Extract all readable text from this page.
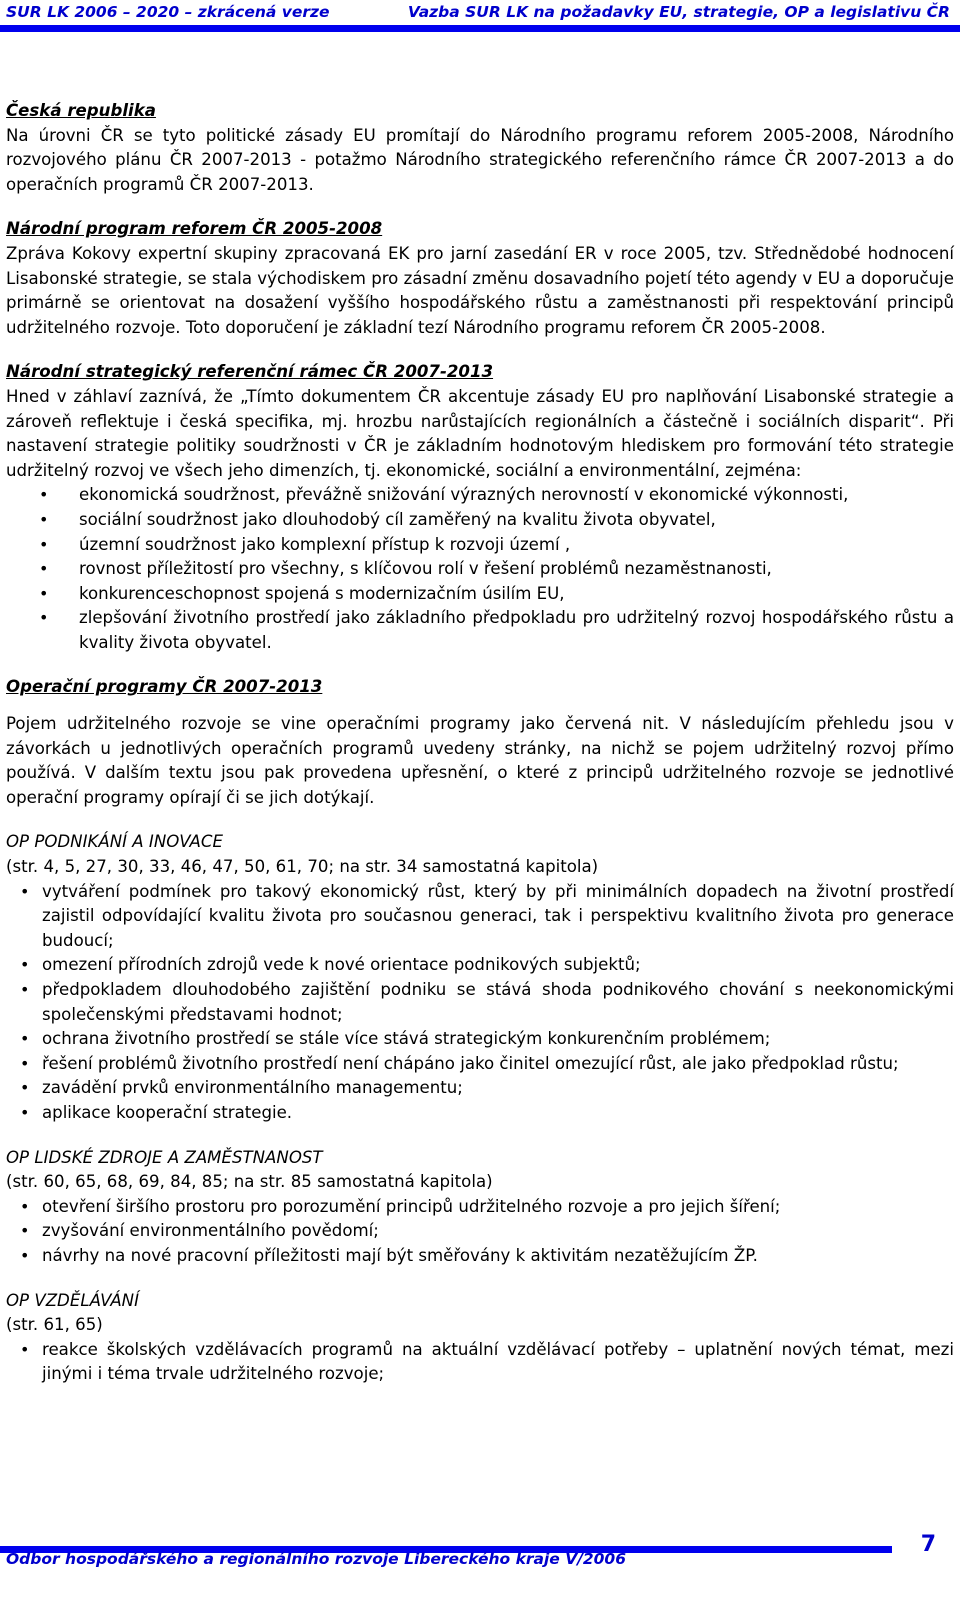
SUR LK 2006 – 2020 – zkrácená verze	Vazba SUR LK na požadavky EU, strategie, OP a legislativu ČR
Česká republika

Na úrovni ČR se tyto politické zásady EU promítají do Národního programu reforem 2005-2008, Národního rozvojového plánu ČR 2007-2013 - potažmo Národního strategického referenčního rámce ČR 2007-2013 a do operačních programů ČR 2007-2013.

Národní program reforem ČR 2005-2008

Zpráva Kokovy expertní skupiny zpracovaná EK pro jarní zasedání ER v roce 2005, tzv. Střednědobé hodnocení Lisabonské strategie, se stala východiskem pro zásadní změnu dosavadního pojetí této agendy v EU a doporučuje primárně se orientovat na dosažení vyššího hospodářského růstu a zaměstnanosti při respektování principů udržitelného rozvoje. Toto doporučení je základní tezí Národního programu reforem ČR 2005-2008.

Národní strategický referenční rámec ČR 2007-2013

Hned v záhlaví zaznívá, že „Tímto dokumentem ČR akcentuje zásady EU pro naplňování Lisabonské strategie a zároveň reflektuje i česká specifika, mj. hrozbu narůstajících regionálních a částečně i sociálních disparit“. Při nastavení strategie politiky soudržnosti v ČR je základním hodnotovým hlediskem pro formování této strategie udržitelný rozvoj ve všech jeho dimenzích, tj. ekonomické, sociální a environmentální, zejména:

• ekonomická soudržnost, převážně snižování výrazných nerovností v ekonomické výkonnosti,
• sociální soudržnost jako dlouhodobý cíl zaměřený na kvalitu života obyvatel,
• územní soudržnost jako komplexní přístup k rozvoji území ,
• rovnost příležitostí pro všechny, s klíčovou rolí v řešení problémů nezaměstnanosti,
• konkurenceschopnost spojená s modernizačním úsilím EU,
• zlepšování životního prostředí jako základního předpokladu pro udržitelný rozvoj hospodářského růstu a kvality života obyvatel.
Operační programy ČR 2007-2013

Pojem udržitelného rozvoje se vine operačními programy jako červená nit. V následujícím přehledu jsou v závorkách u jednotlivých operačních programů uvedeny stránky, na nichž se pojem udržitelný rozvoj přímo používá. V dalším textu jsou pak provedena upřesnění, o které z principů udržitelného rozvoje se jednotlivé operační programy opírají či se jich dotýkají.

OP PODNIKÁNÍ A INOVACE

(str. 4, 5, 27, 30, 33, 46, 47, 50, 61, 70; na str. 34 samostatná kapitola)

• vytváření podmínek pro takový ekonomický růst, který by při minimálních dopadech na životní prostředí zajistil odpovídající kvalitu života pro současnou generaci, tak i perspektivu kvalitního života pro generace budoucí;
• omezení přírodních zdrojů vede k nové orientace podnikových subjektů;
• předpokladem dlouhodobého zajištění podniku se stává shoda podnikového chování s neekonomickými společenskými představami hodnot;
• ochrana životního prostředí se stále více stává strategickým konkurenčním problémem;
• řešení problémů životního prostředí není chápáno jako činitel omezující růst, ale jako předpoklad růstu;
• zavádění prvků environmentálního managementu;
• aplikace kooperační strategie.
OP LIDSKÉ ZDROJE A ZAMĚSTNANOST

(str. 60, 65, 68, 69, 84, 85; na str. 85 samostatná kapitola)

• otevření širšího prostoru pro porozumění principů udržitelného rozvoje a pro jejich šíření;
• zvyšování environmentálního povědomí;
• návrhy na nové pracovní příležitosti mají být směřovány k aktivitám nezatěžujícím ŽP.
OP VZDĚLÁVÁNÍ

(str. 61, 65)

• reakce školských vzdělávacích programů na aktuální vzdělávací potřeby – uplatnění nových témat, mezi jinými i téma trvale udržitelného rozvoje;
Odbor hospodářského a regionálního rozvoje Libereckého kraje V/2006
7
